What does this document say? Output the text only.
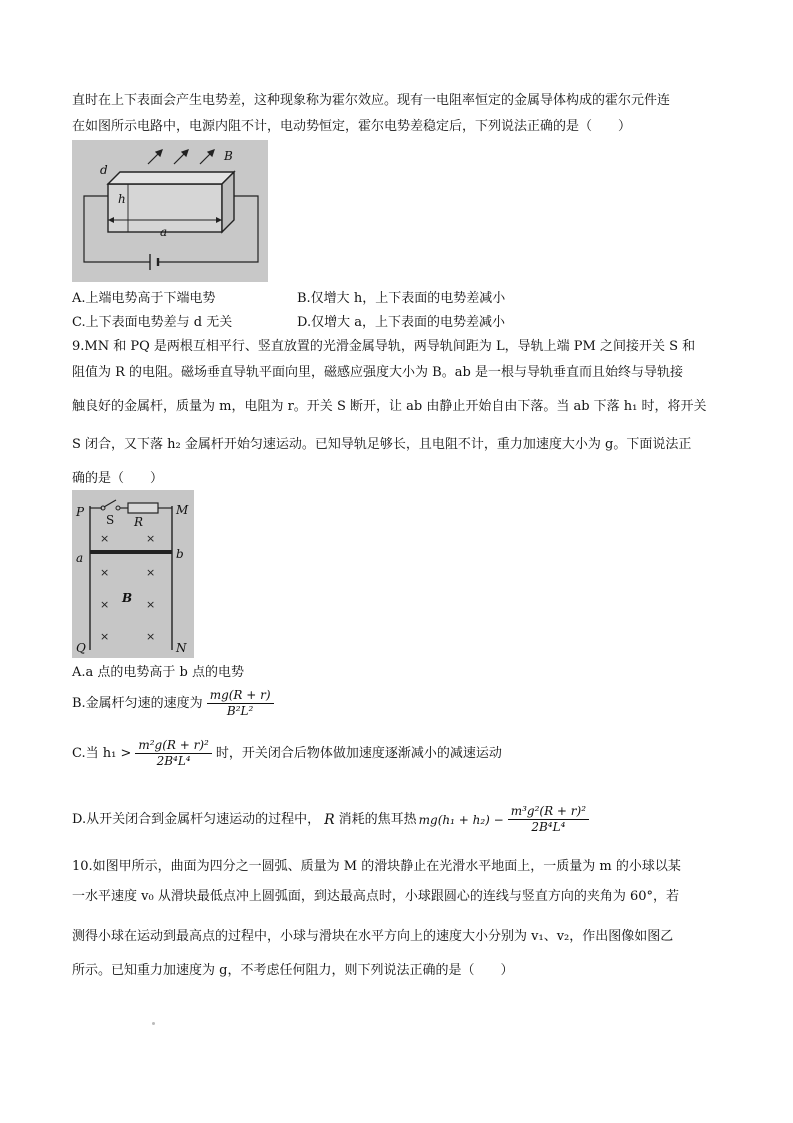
直时在上下表面会产生电势差，这种现象称为霍尔效应。现有一电阻率恒定的金属导体构成的霍尔元件连
在如图所示电路中，电源内阻不计，电动势恒定，霍尔电势差稳定后，下列说法正确的是（　　）
d
h
a
B
A.上端电势高于下端电势	B.仅增大 h，上下表面的电势差减小
C.上下表面电势差与 d 无关	D.仅增大 a，上下表面的电势差减小
9.MN 和 PQ 是两根互相平行、竖直放置的光滑金属导轨，两导轨间距为 L，导轨上端 PM 之间接开关 S 和
阻值为 R 的电阻。磁场垂直导轨平面向里，磁感应强度大小为 B。ab 是一根与导轨垂直而且始终与导轨接
触良好的金属杆，质量为 m，电阻为 r。开关 S 断开，让 ab 由静止开始自由下落。当 ab 下落 h₁ 时，将开关
S 闭合，又下落 h₂ 金属杆开始匀速运动。已知导轨足够长，且电阻不计，重力加速度大小为 g。下面说法正
确的是（　　）
×	×
×	×
×	×
×	×
P
S R
M
a	b
B
Q	N
A.a 点的电势高于 b 点的电势
B.金属杆匀速的速度为 $\frac{mg(R + r)}{\text{B²L²}}$
C.当 $h_1 > \frac{\text{m²g(R + r)²}}{\text{2B⁴L⁴}}$ 时，开关闭合后物体做加速度逐渐减小的减速运动
D.从开关闭合到金属杆匀速运动的过程中， R 消耗的焦耳热 $mg(h_1 + h_2) - \frac{\text{m³g²(R + r)²}}{\text{2B⁴L⁴}}$
10.如图甲所示，曲面为四分之一圆弧、质量为 M 的滑块静止在光滑水平地面上，一质量为 m 的小球以某
一水平速度 v₀ 从滑块最低点冲上圆弧面，到达最高点时，小球跟圆心的连线与竖直方向的夹角为 60°，若
测得小球在运动到最高点的过程中，小球与滑块在水平方向上的速度大小分别为 v₁、v₂，作出图像如图乙
所示。已知重力加速度为 g，不考虑任何阻力，则下列说法正确的是（　　）
